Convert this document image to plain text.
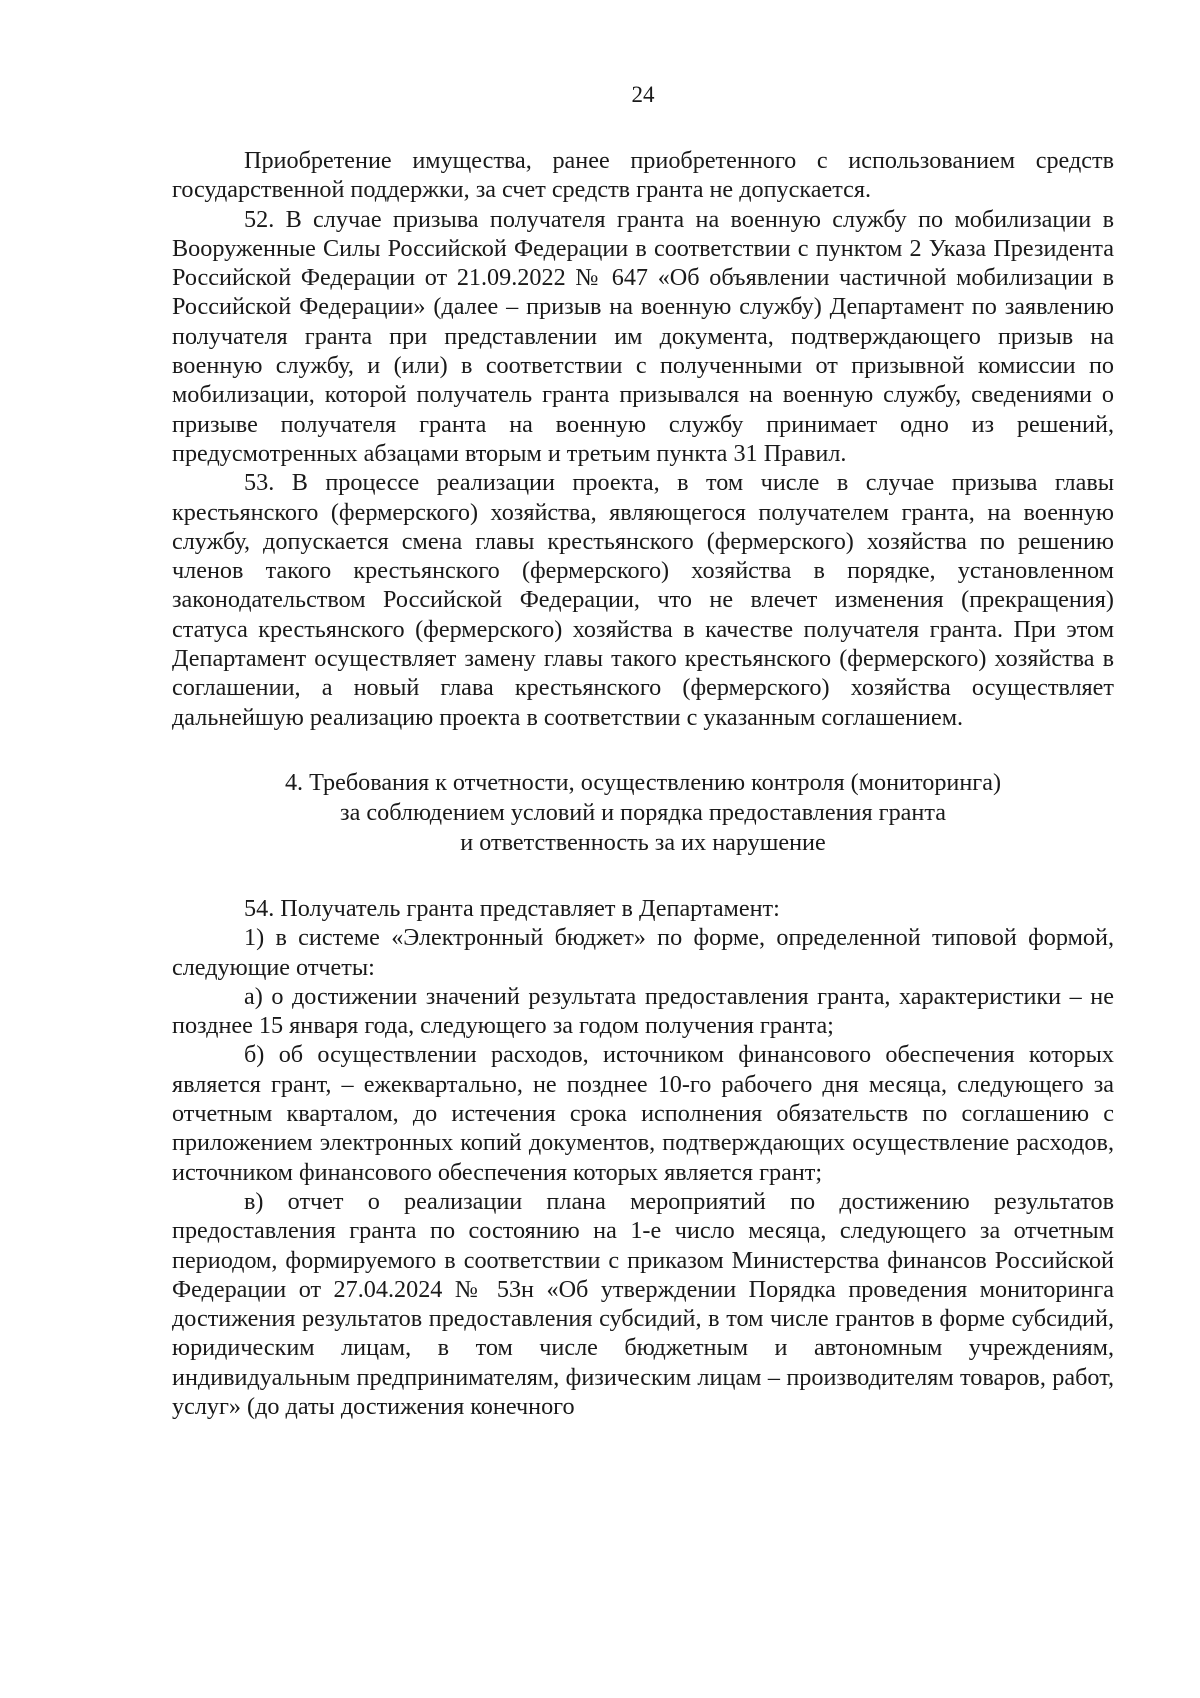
24

Приобретение имущества, ранее приобретенного с использованием средств государственной поддержки, за счет средств гранта не допускается.

52. В случае призыва получателя гранта на военную службу по мобилизации в Вооруженные Силы Российской Федерации в соответствии с пунктом 2 Указа Президента Российской Федерации от 21.09.2022 № 647 «Об объявлении частичной мобилизации в Российской Федерации» (далее – призыв на военную службу) Департамент по заявлению получателя гранта при представлении им документа, подтверждающего призыв на военную службу, и (или) в соответствии с полученными от призывной комиссии по мобилизации, которой получатель гранта призывался на военную службу, сведениями о призыве получателя гранта на военную службу принимает одно из решений, предусмотренных абзацами вторым и третьим пункта 31 Правил.

53. В процессе реализации проекта, в том числе в случае призыва главы крестьянского (фермерского) хозяйства, являющегося получателем гранта, на военную службу, допускается смена главы крестьянского (фермерского) хозяйства по решению членов такого крестьянского (фермерского) хозяйства в порядке, установленном законодательством Российской Федерации, что не влечет изменения (прекращения) статуса крестьянского (фермерского) хозяйства в качестве получателя гранта. При этом Департамент осуществляет замену главы такого крестьянского (фермерского) хозяйства в соглашении, а новый глава крестьянского (фермерского) хозяйства осуществляет дальнейшую реализацию проекта в соответствии с указанным соглашением.

4. Требования к отчетности, осуществлению контроля (мониторинга)
за соблюдением условий и порядка предоставления гранта
и ответственность за их нарушение

54. Получатель гранта представляет в Департамент:

1) в системе «Электронный бюджет» по форме, определенной типовой формой, следующие отчеты:

а) о достижении значений результата предоставления гранта, характеристики – не позднее 15 января года, следующего за годом получения гранта;

б) об осуществлении расходов, источником финансового обеспечения которых является грант, – ежеквартально, не позднее 10-го рабочего дня месяца, следующего за отчетным кварталом, до истечения срока исполнения обязательств по соглашению с приложением электронных копий документов, подтверждающих осуществление расходов, источником финансового обеспечения которых является грант;

в) отчет о реализации плана мероприятий по достижению результатов предоставления гранта по состоянию на 1-е число месяца, следующего за отчетным периодом, формируемого в соответствии с приказом Министерства финансов Российской Федерации от 27.04.2024 № 53н «Об утверждении Порядка проведения мониторинга достижения результатов предоставления субсидий, в том числе грантов в форме субсидий, юридическим лицам, в том числе бюджетным и автономным учреждениям, индивидуальным предпринимателям, физическим лицам – производителям товаров, работ, услуг» (до даты достижения конечного
